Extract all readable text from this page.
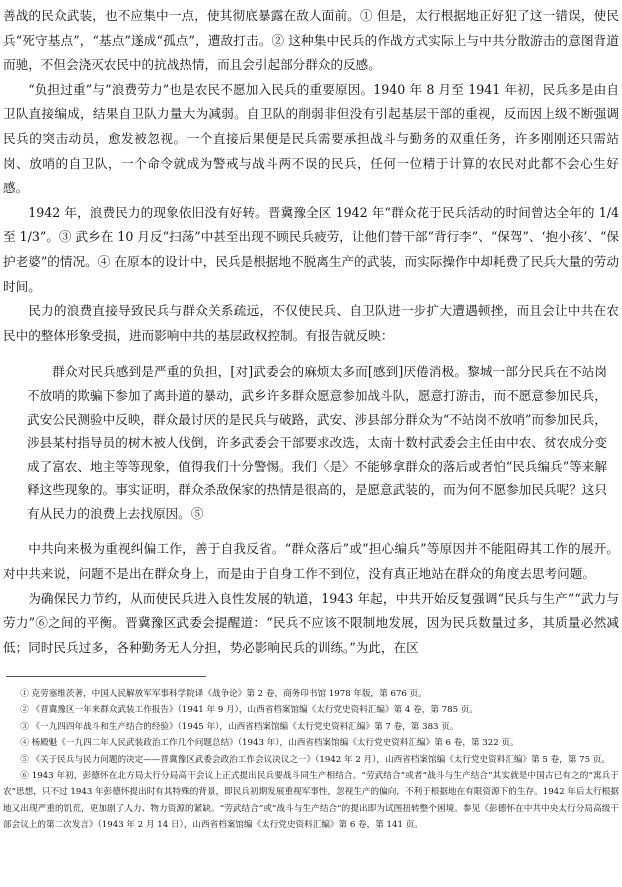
善战的民众武装，也不应集中一点，使其彻底暴露在敌人面前。① 但是，太行根据地正好犯了这一错误，使民兵“死守基点”，“基点”遂成“孤点”，遭敌打击。② 这种集中民兵的作战方式实际上与中共分散游击的意图背道而驰，不但会浇灭农民中的抗战热情，而且会引起部分群众的反感。

“负担过重”与“浪费劳力”也是农民不愿加入民兵的重要原因。1940 年 8 月至 1941 年初，民兵多是由自卫队直接编成，结果自卫队力量大为减弱。自卫队的削弱非但没有引起基层干部的重视，反而因上级不断强调民兵的突击动员，愈发被忽视。一个直接后果便是民兵需要承担战斗与勤务的双重任务，许多刚刚还只需站岗、放哨的自卫队，一个命令就成为警戒与战斗两不误的民兵，任何一位精于计算的农民对此都不会心生好感。

1942 年，浪费民力的现象依旧没有好转。晋冀豫全区 1942 年“群众花于民兵活动的时间曾达全年的 1/4 至 1/3”。③ 武乡在 10 月反“扫荡”中甚至出现不顾民兵疲劳，让他们替干部“背行李”、“保驾”、‘抱小孩’、“保护老婆”的情况。④ 在原本的设计中，民兵是根据地不脱离生产的武装，而实际操作中却耗费了民兵大量的劳动时间。

民力的浪费直接导致民兵与群众关系疏远，不仅使民兵、自卫队进一步扩大遭遇顿挫，而且会让中共在农民中的整体形象受损，进而影响中共的基层政权控制。有报告就反映：

群众对民兵感到是严重的负担，[对]武委会的麻烦太多而[感到]厌倦消极。黎城一部分民兵在不站岗不放哨的欺骗下参加了离卦道的暴动，武乡许多群众愿意参加战斗队，愿意打游击，而不愿意参加民兵，武安公民测验中反映，群众最讨厌的是民兵与破路，武安、涉县部分群众为“不站岗不放哨”而参加民兵，涉县某村指导员的树木被人伐倒，许多武委会干部要求改选，太南十数村武委会主任由中农、贫农成分变成了富农、地主等等现象，值得我们十分警惕。我们〈是〉不能够拿群众的落后或者怕“民兵编兵”等来解释这些现象的。事实证明，群众杀敌保家的热情是很高的，是愿意武装的，而为何不愿参加民兵呢？这只有从民力的浪费上去找原因。⑤

中共向来极为重视纠偏工作，善于自我反省。“群众落后”或“担心编兵”等原因并不能阻碍其工作的展开。对中共来说，问题不是出在群众身上，而是由于自身工作不到位，没有真正地站在群众的角度去思考问题。

为确保民力节约，从而使民兵进入良性发展的轨道，1943 年起，中共开始反复强调“民兵与生产”“武力与劳力”⑥之间的平衡。晋冀豫区武委会提醒道：“民兵不应该不限制地发展，因为民兵数量过多，其质量必然减低；同时民兵过多，各种勤务无人分担，势必影响民兵的训练。”为此，在区

① 克劳塞维茨著，中国人民解放军军事科学院译《战争论》第 2 卷，商务印书馆 1978 年版，第 676 页。

② 《晋冀豫区一年来群众武装工作报告》（1941 年 9 月），山西省档案馆编《太行党史资料汇编》第 4 卷，第 785 页。

③ 《一九四四年战斗和生产结合的经验》（1945 年），山西省档案馆编《太行党史资料汇编》第 7 卷，第 383 页。

④ 杨殿魁《一九四二年人民武装政治工作几个问题总结》（1943 年），山西省档案馆编《太行党史资料汇编》第 6 卷，第 322 页。

⑤ 《关于民兵与民力问题的决定——晋冀豫区武委会政治工作会议决议之一》（1942 年 2 月），山西省档案馆编《太行党史资料汇编》第 5 卷，第 75 页。

⑥ 1943 年初，彭德怀在北方局太行分局高干会议上正式提出民兵要战斗同生产相结合。“劳武结合”或者“战斗与生产结合”其实就是中国古已有之的“寓兵于农”思想，只不过 1943 年彭德怀提出时有其特殊的背景，即民兵初期发展重视军事性，忽视生产的偏向，不利于根据地在有限资源下的生存。1942 年后太行根据地又出现严重的饥荒，更加剧了人力、物力资源的紧缺。“劳武结合”或“战斗与生产结合”的提出即为试图扭转整个困境。参见《彭德怀在中共中央太行分局高级干部会议上的第二次发言》（1943 年 2 月 14 日），山西省档案馆编《太行党史资料汇编》第 6 卷，第 141 页。
